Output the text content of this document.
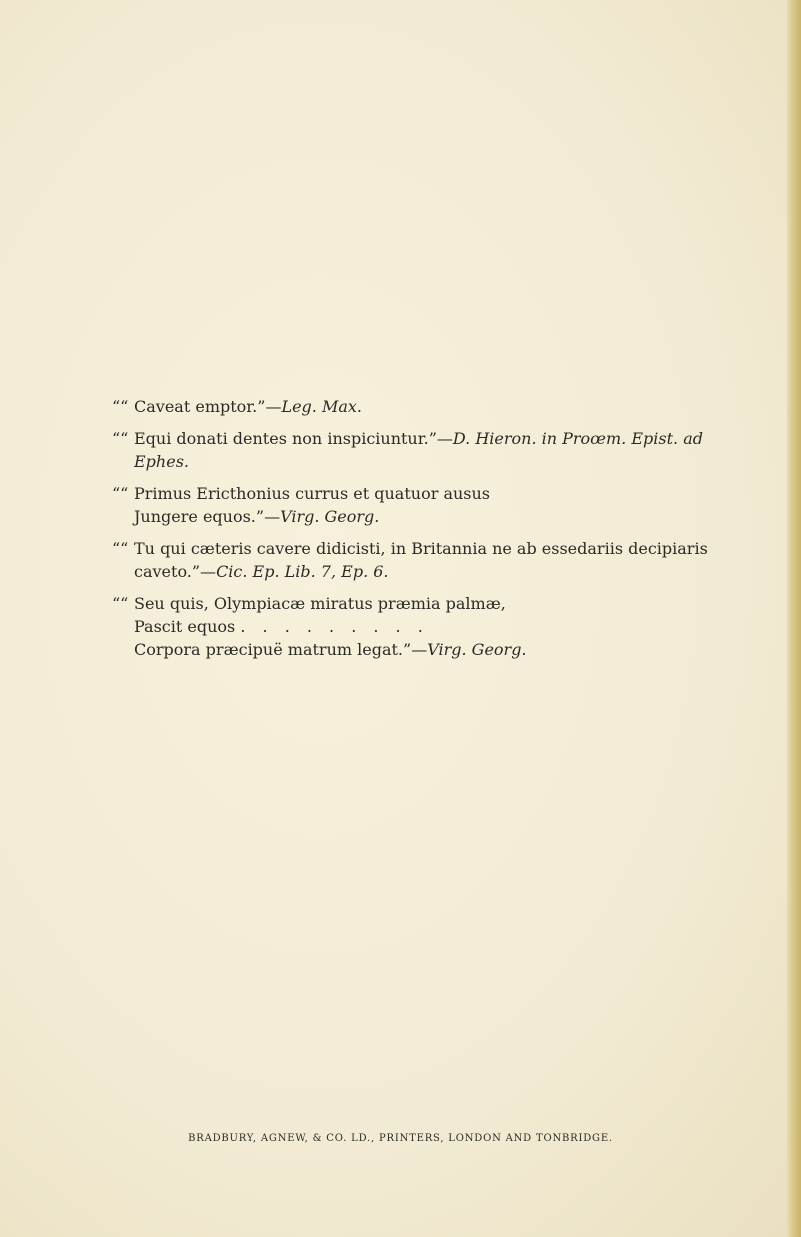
““ Caveat emptor.”—Leg. Max.
““ Equi donati dentes non inspiciuntur.”—D. Hieron. in Proœm. Epist. ad
Ephes.
““ Primus Ericthonius currus et quatuor ausus
Jungere equos.”—Virg. Georg.
““ Tu qui cæteris cavere didicisti, in Britannia ne ab essedariis decipiaris
caveto.”—Cic. Ep. Lib. 7, Ep. 6.
““ Seu quis, Olympiacæ miratus præmia palmæ,
Pascit equos . . . . . . . . .
Corpora præcipuë matrum legat.”—Virg. Georg.
BRADBURY, AGNEW, & CO. LD., PRINTERS, LONDON AND TONBRIDGE.
